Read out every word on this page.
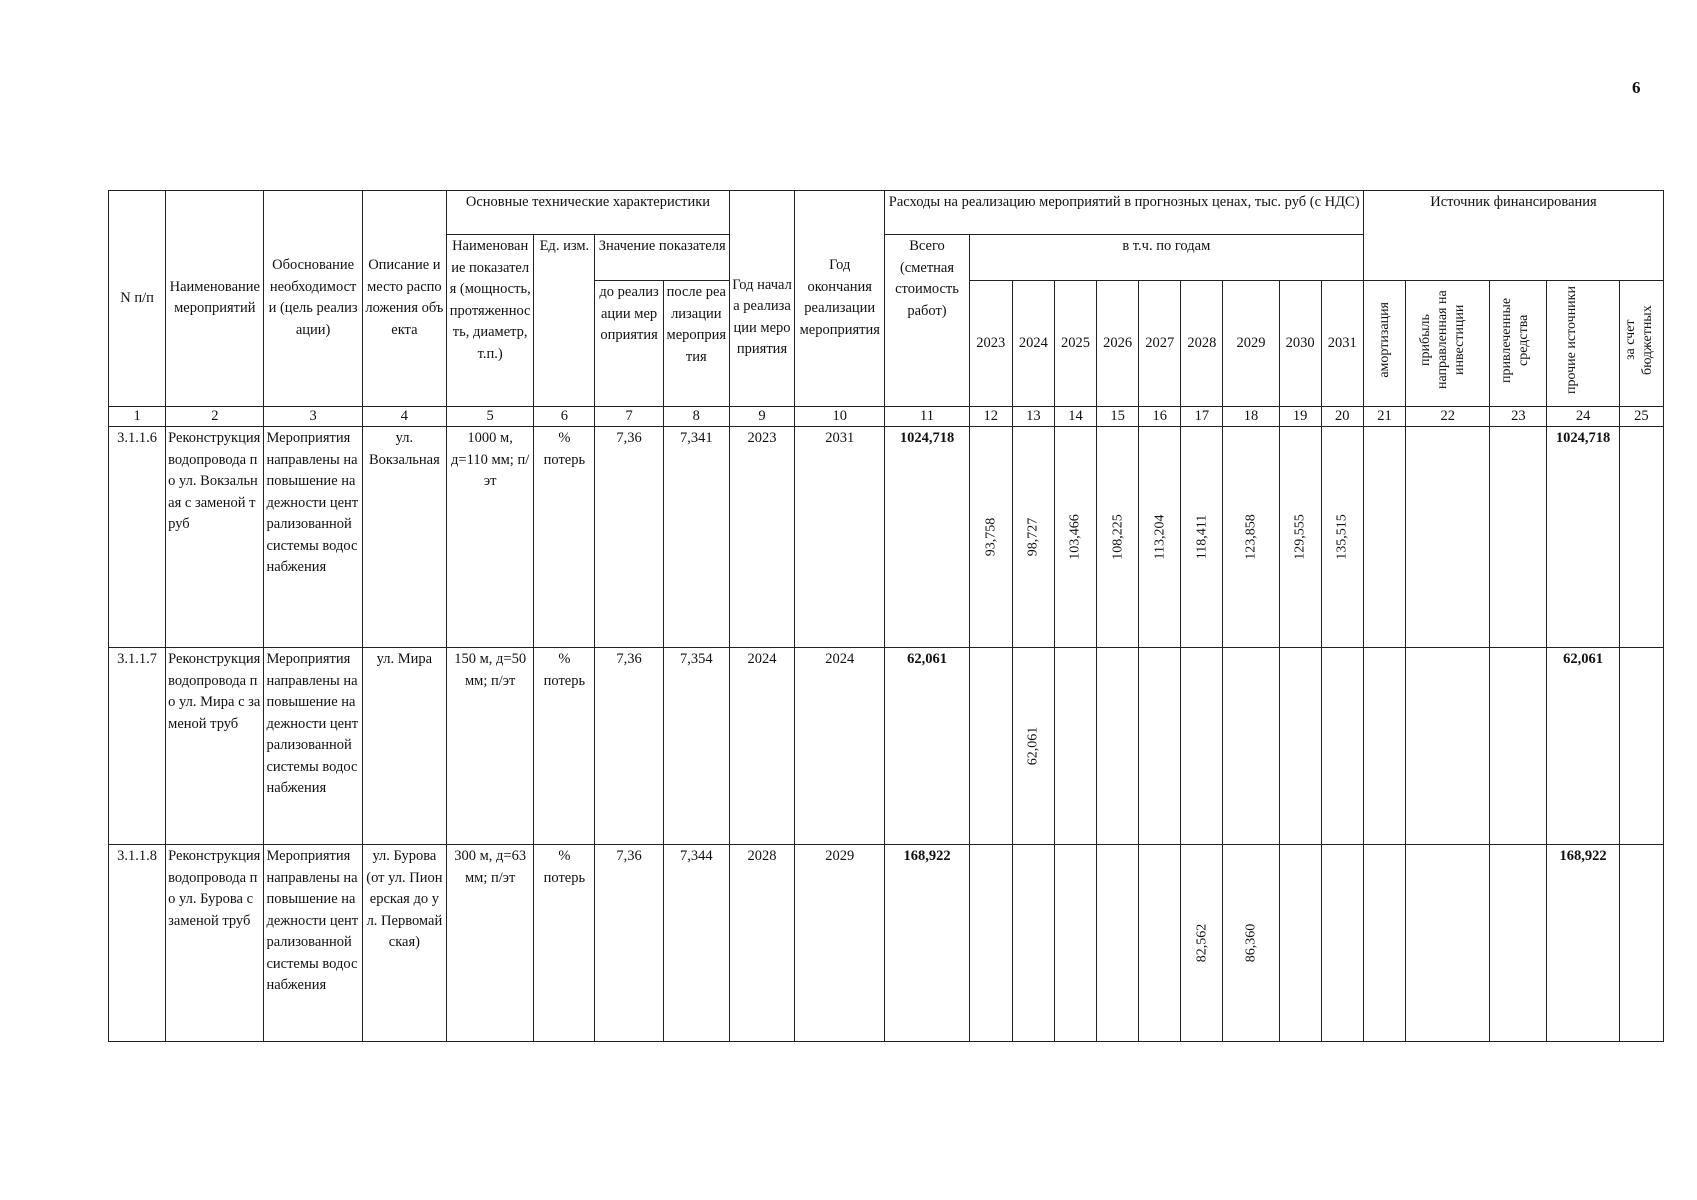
6
N п/п	Наименование мероприятий	Обоснование необходимости (цель реализации)	Описание и место расположения объекта	Основные технические характеристики				Год начала реализации мероприятия	Год окончания реализации мероприятия	Расходы на реализацию мероприятий в прогнозных ценах, тыс. руб (с НДС)										Источник финансирования				
				Наименование показателя (мощность, протяженность, диаметр, т.п.)	Ед. изм.	Значение показателя				Всего (сметная стоимость работ)	в т.ч. по годам													
						до реализации мероприятия	после реализации мероприятия				2023	2024	2025	2026	2027	2028	2029	2030	2031	амортизация	прибыль направленная на инвестиции	привлеченные средства	прочие источники	за счет бюджетных
1	2	3	4	5	6	7	8	9	10	11	12	13	14	15	16	17	18	19	20	21	22	23	24	25
3.1.1.6	Реконструкция водопровода по ул. Вокзальная с заменой труб	Мероприятия направлены на повышение надежности централизованной системы водоснабжения	ул. Вокзальная	1000 м, д=110 мм; п/эт	% потерь	7,36	7,341	2023	2031	1024,718	93,758	98,727	103,466	108,225	113,204	118,411	123,858	129,555	135,515				1024,718	
3.1.1.7	Реконструкция водопровода по ул. Мира с заменой труб	Мероприятия направлены на повышение надежности централизованной системы водоснабжения	ул. Мира	150 м, д=50 мм; п/эт	% потерь	7,36	7,354	2024	2024	62,061		62,061											62,061	
3.1.1.8	Реконструкция водопровода по ул. Бурова с заменой труб	Мероприятия направлены на повышение надежности централизованной системы водоснабжения	ул. Бурова (от ул. Пионерская до ул. Первомайская)	300 м, д=63 мм; п/эт	% потерь	7,36	7,344	2028	2029	168,922						82,562	86,360						168,922	
